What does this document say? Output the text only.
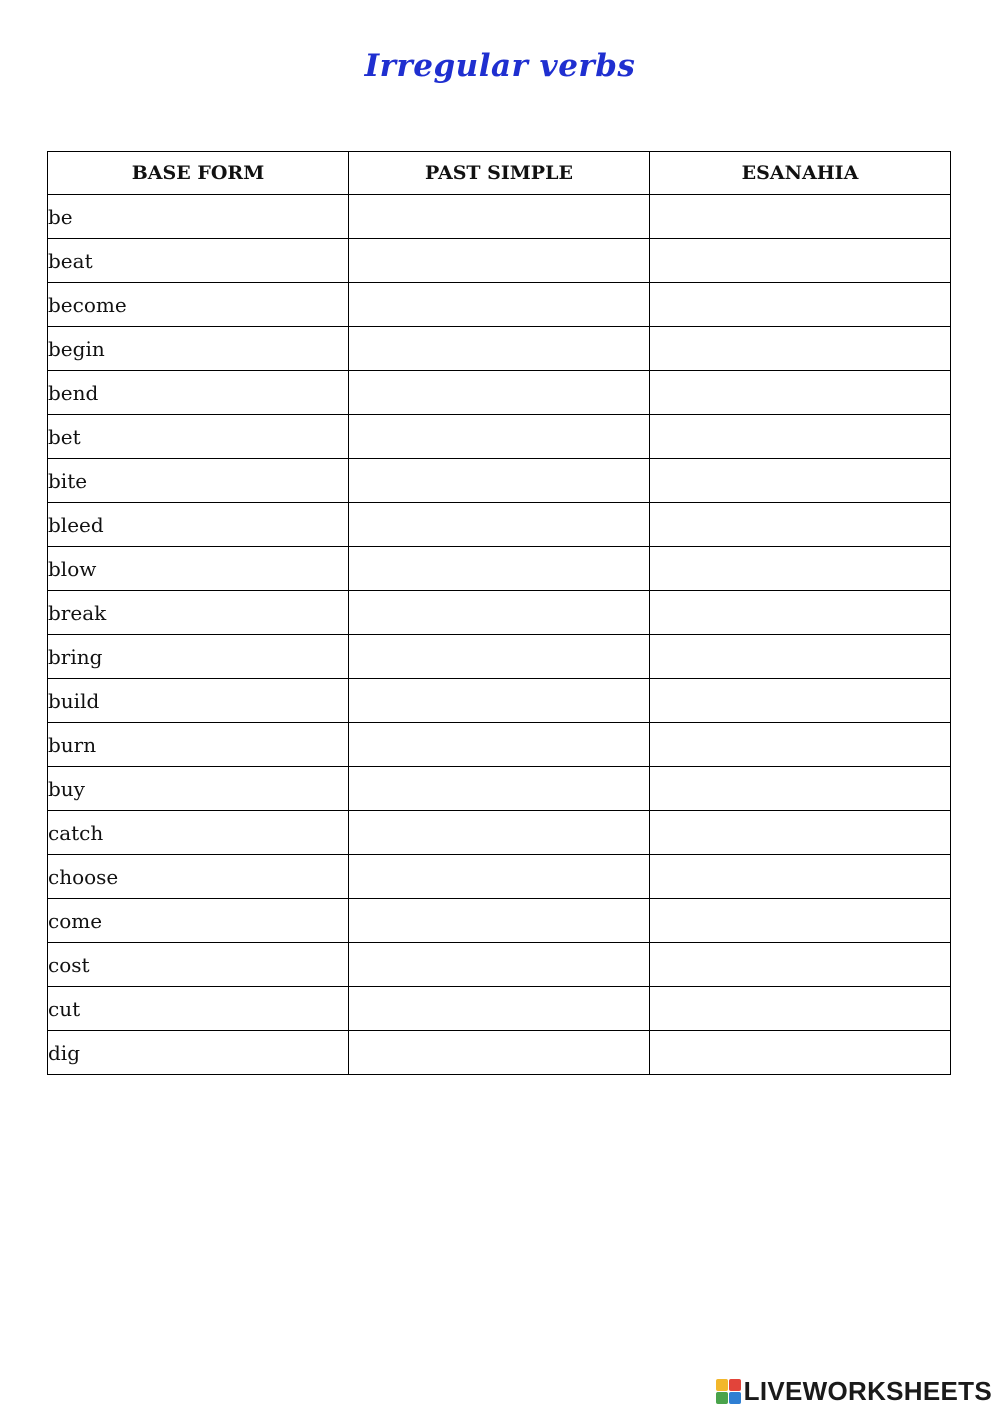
Irregular verbs
BASE FORM	PAST SIMPLE	ESANAHIA
be		
beat		
become		
begin		
bend		
bet		
bite		
bleed		
blow		
break		
bring		
build		
burn		
buy		
catch		
choose		
come		
cost		
cut		
dig		
LIVEWORKSHEETS
